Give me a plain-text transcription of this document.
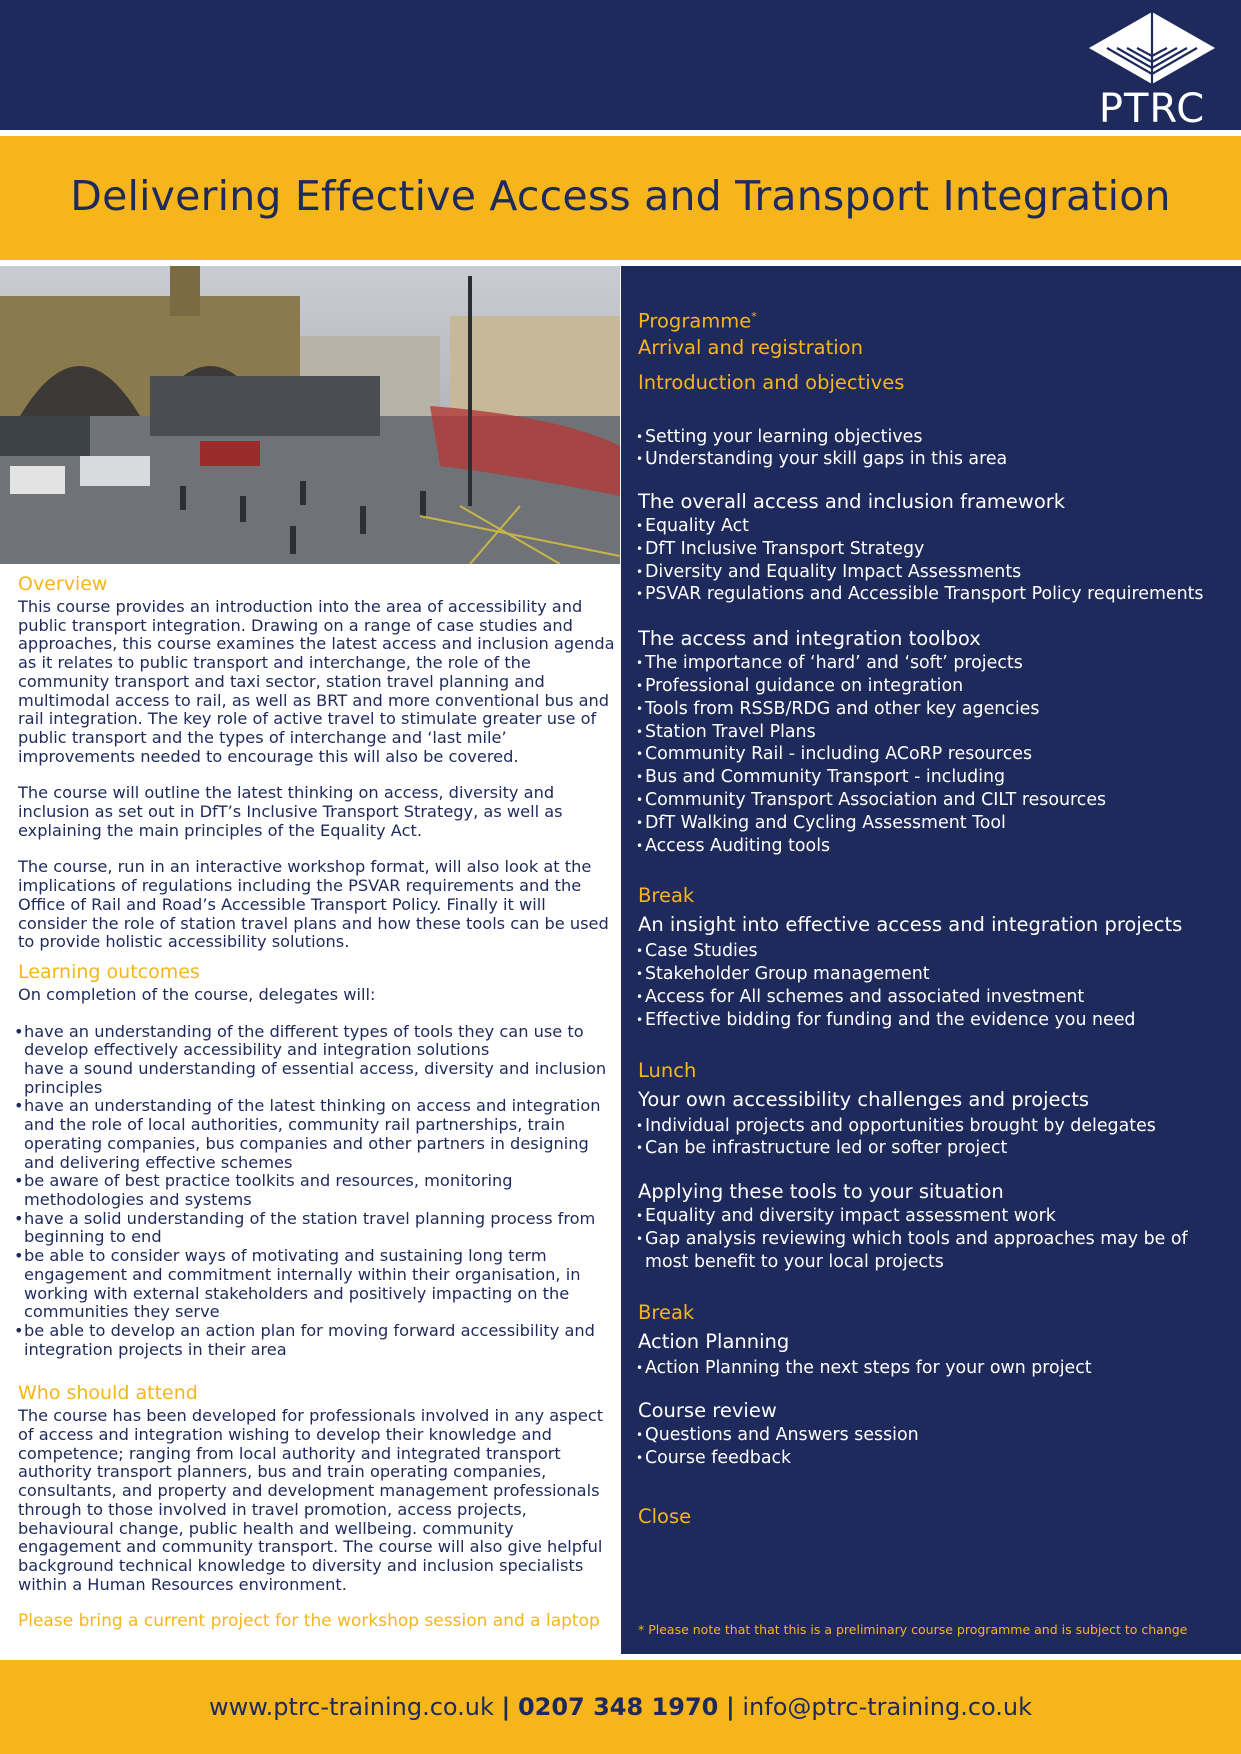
PTRC
Delivering Effective Access and Transport Integration
Overview

This course provides an introduction into the area of accessibility and public transport integration. Drawing on a range of case studies and approaches, this course examines the latest access and inclusion agenda as it relates to public transport and interchange, the role of the community transport and taxi sector, station travel planning and multimodal access to rail, as well as BRT and more conventional bus and rail integration. The key role of active travel to stimulate greater use of public transport and the types of interchange and ‘last mile’ improvements needed to encourage this will also be covered.

The course will outline the latest thinking on access, diversity and inclusion as set out in DfT’s Inclusive Transport Strategy, as well as explaining the main principles of the Equality Act.

The course, run in an interactive workshop format, will also look at the implications of regulations including the PSVAR requirements and the Office of Rail and Road’s Accessible Transport Policy. Finally it will consider the role of station travel plans and how these tools can be used to provide holistic accessibility solutions.

Learning outcomes

On completion of the course, delegates will:

• have an understanding of the different types of tools they can use to develop effectively accessibility and integration solutions
have a sound understanding of essential access, diversity and inclusion principles
• have an understanding of the latest thinking on access and integration and the role of local authorities, community rail partnerships, train operating companies, bus companies and other partners in designing and delivering effective schemes
• be aware of best practice toolkits and resources, monitoring methodologies and systems
• have a solid understanding of the station travel planning process from beginning to end
• be able to consider ways of motivating and sustaining long term engagement and commitment internally within their organisation, in working with external stakeholders and positively impacting on the communities they serve
• be able to develop an action plan for moving forward accessibility and integration projects in their area
Who should attend

The course has been developed for professionals involved in any aspect of access and integration wishing to develop their knowledge and competence; ranging from local authority and integrated transport authority transport planners, bus and train operating companies, consultants, and property and development management professionals through to those involved in travel promotion, access projects, behavioural change, public health and wellbeing. community engagement and community transport. The course will also give helpful background technical knowledge to diversity and inclusion specialists within a Human Resources environment.

Please bring a current project for the workshop session and a laptop

Programme*
Arrival and registration
Introduction and objectives
• Setting your learning objectives
• Understanding your skill gaps in this area
The overall access and inclusion framework
• Equality Act
• DfT Inclusive Transport Strategy
• Diversity and Equality Impact Assessments
• PSVAR regulations and Accessible Transport Policy requirements
The access and integration toolbox
• The importance of ‘hard’ and ‘soft’ projects
• Professional guidance on integration
• Tools from RSSB/RDG and other key agencies
• Station Travel Plans
• Community Rail - including ACoRP resources
• Bus and Community Transport - including
• Community Transport Association and CILT resources
• DfT Walking and Cycling Assessment Tool
• Access Auditing tools
Break
An insight into effective access and integration projects
• Case Studies
• Stakeholder Group management
• Access for All schemes and associated investment
• Effective bidding for funding and the evidence you need
Lunch
Your own accessibility challenges and projects
• Individual projects and opportunities brought by delegates
• Can be infrastructure led or softer project
Applying these tools to your situation
• Equality and diversity impact assessment work
• Gap analysis reviewing which tools and approaches may be of most benefit to your local projects
Break
Action Planning
• Action Planning the next steps for your own project
Course review
• Questions and Answers session
• Course feedback
Close
* Please note that that this is a preliminary course programme and is subject to change
www.ptrc-training.co.uk | 0207 348 1970 | info@ptrc-training.co.uk
